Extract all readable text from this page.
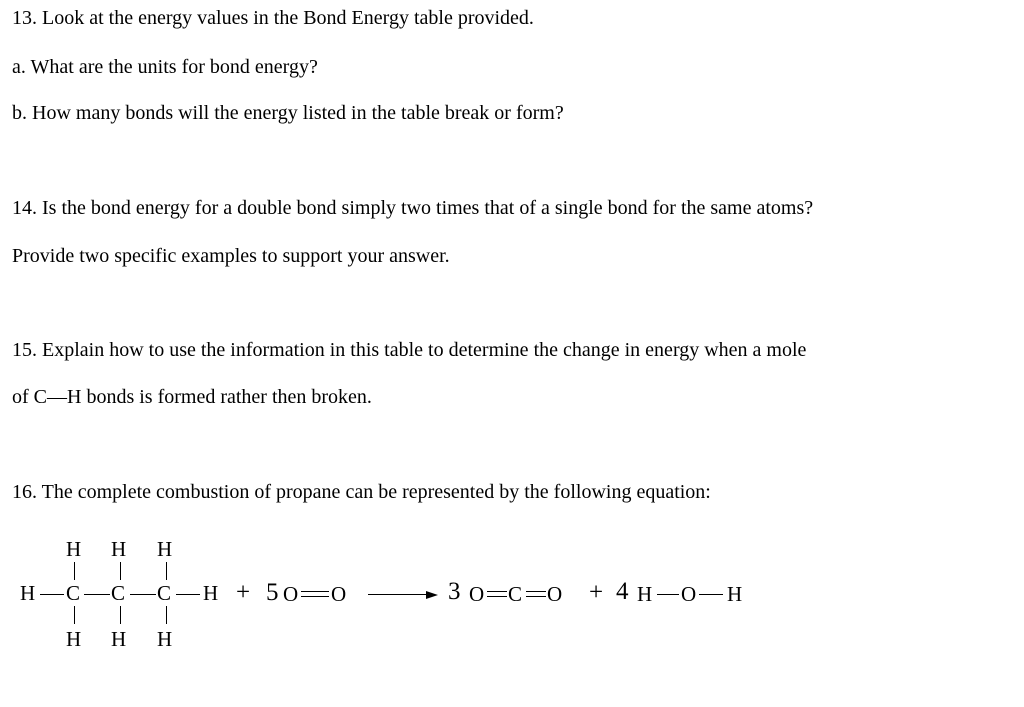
13. Look at the energy values in the Bond Energy table provided.
a. What are the units for bond energy?
b. How many bonds will the energy listed in the table break or form?
14. Is the bond energy for a double bond simply two times that of a single bond for the same atoms?
Provide two specific examples to support your answer.
15. Explain how to use the information in this table to determine the change in energy when a mole
of C—H bonds is formed rather then broken.
16. The complete combustion of propane can be represented by the following equation:
H H H
H C C C H
H H H
+ 5 O O	3 O C O + 4 H O H
